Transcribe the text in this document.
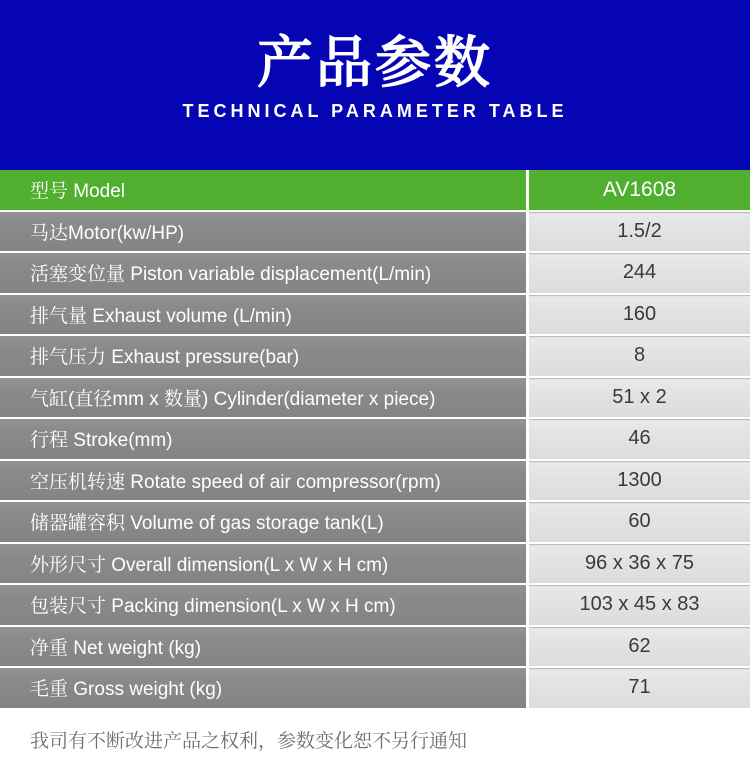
产品参数
TECHNICAL PARAMETER TABLE
型号 Model	AV1608
马达Motor(kw/HP)	1.5/2
活塞变位量 Piston variable displacement(L/min)	244
排气量 Exhaust volume (L/min)	160
排气压力 Exhaust pressure(bar)	8
气缸(直径mm x 数量) Cylinder(diameter x piece)	51 x 2
行程 Stroke(mm)	46
空压机转速 Rotate speed of air compressor(rpm)	1300
储器罐容积 Volume of gas storage tank(L)	60
外形尺寸 Overall dimension(L x W x H cm)	96 x 36 x 75
包装尺寸 Packing dimension(L x W x H cm)	103 x 45 x 83
净重 Net weight (kg)	62
毛重 Gross weight (kg)	71
我司有不断改进产品之权利，参数变化恕不另行通知
